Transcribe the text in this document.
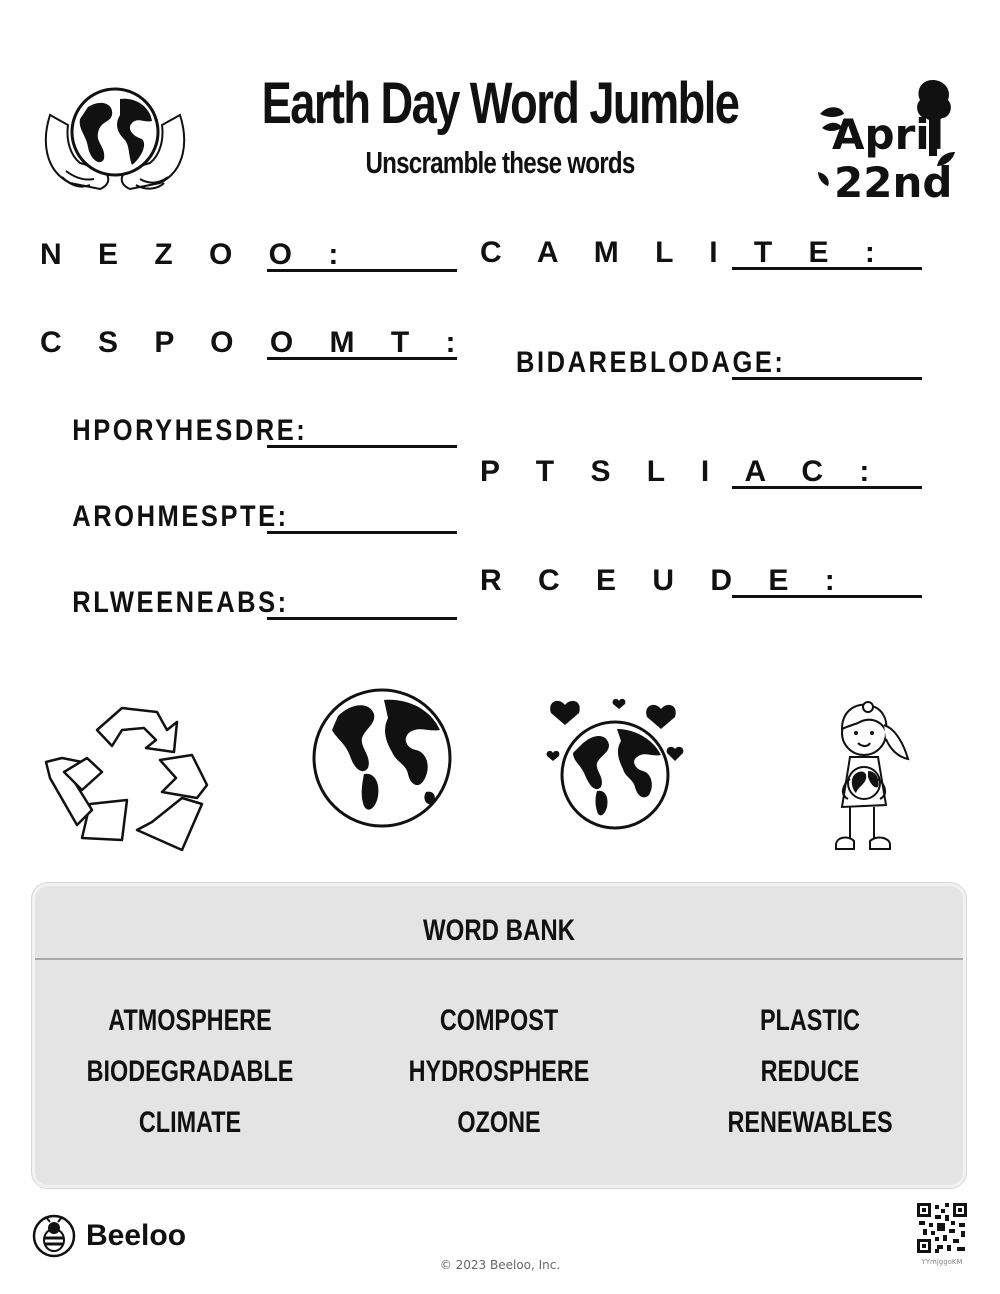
Earth Day Word Jumble
Unscramble these words
April
22nd
N E Z O O :
C S P O O M T :
HPORYHESDRE:
AROHMESPTE:
RLWEENEABS:
C A M L I T E :
BIDAREBLODAGE:
P T S L I A C :
R C E U D E :
WORD BANK
ATMOSPHERE
BIODEGRADABLE
CLIMATE
COMPOST
HYDROSPHERE
OZONE
PLASTIC
REDUCE
RENEWABLES
Beeloo
© 2023 Beeloo, Inc.	YYmjggoKM
